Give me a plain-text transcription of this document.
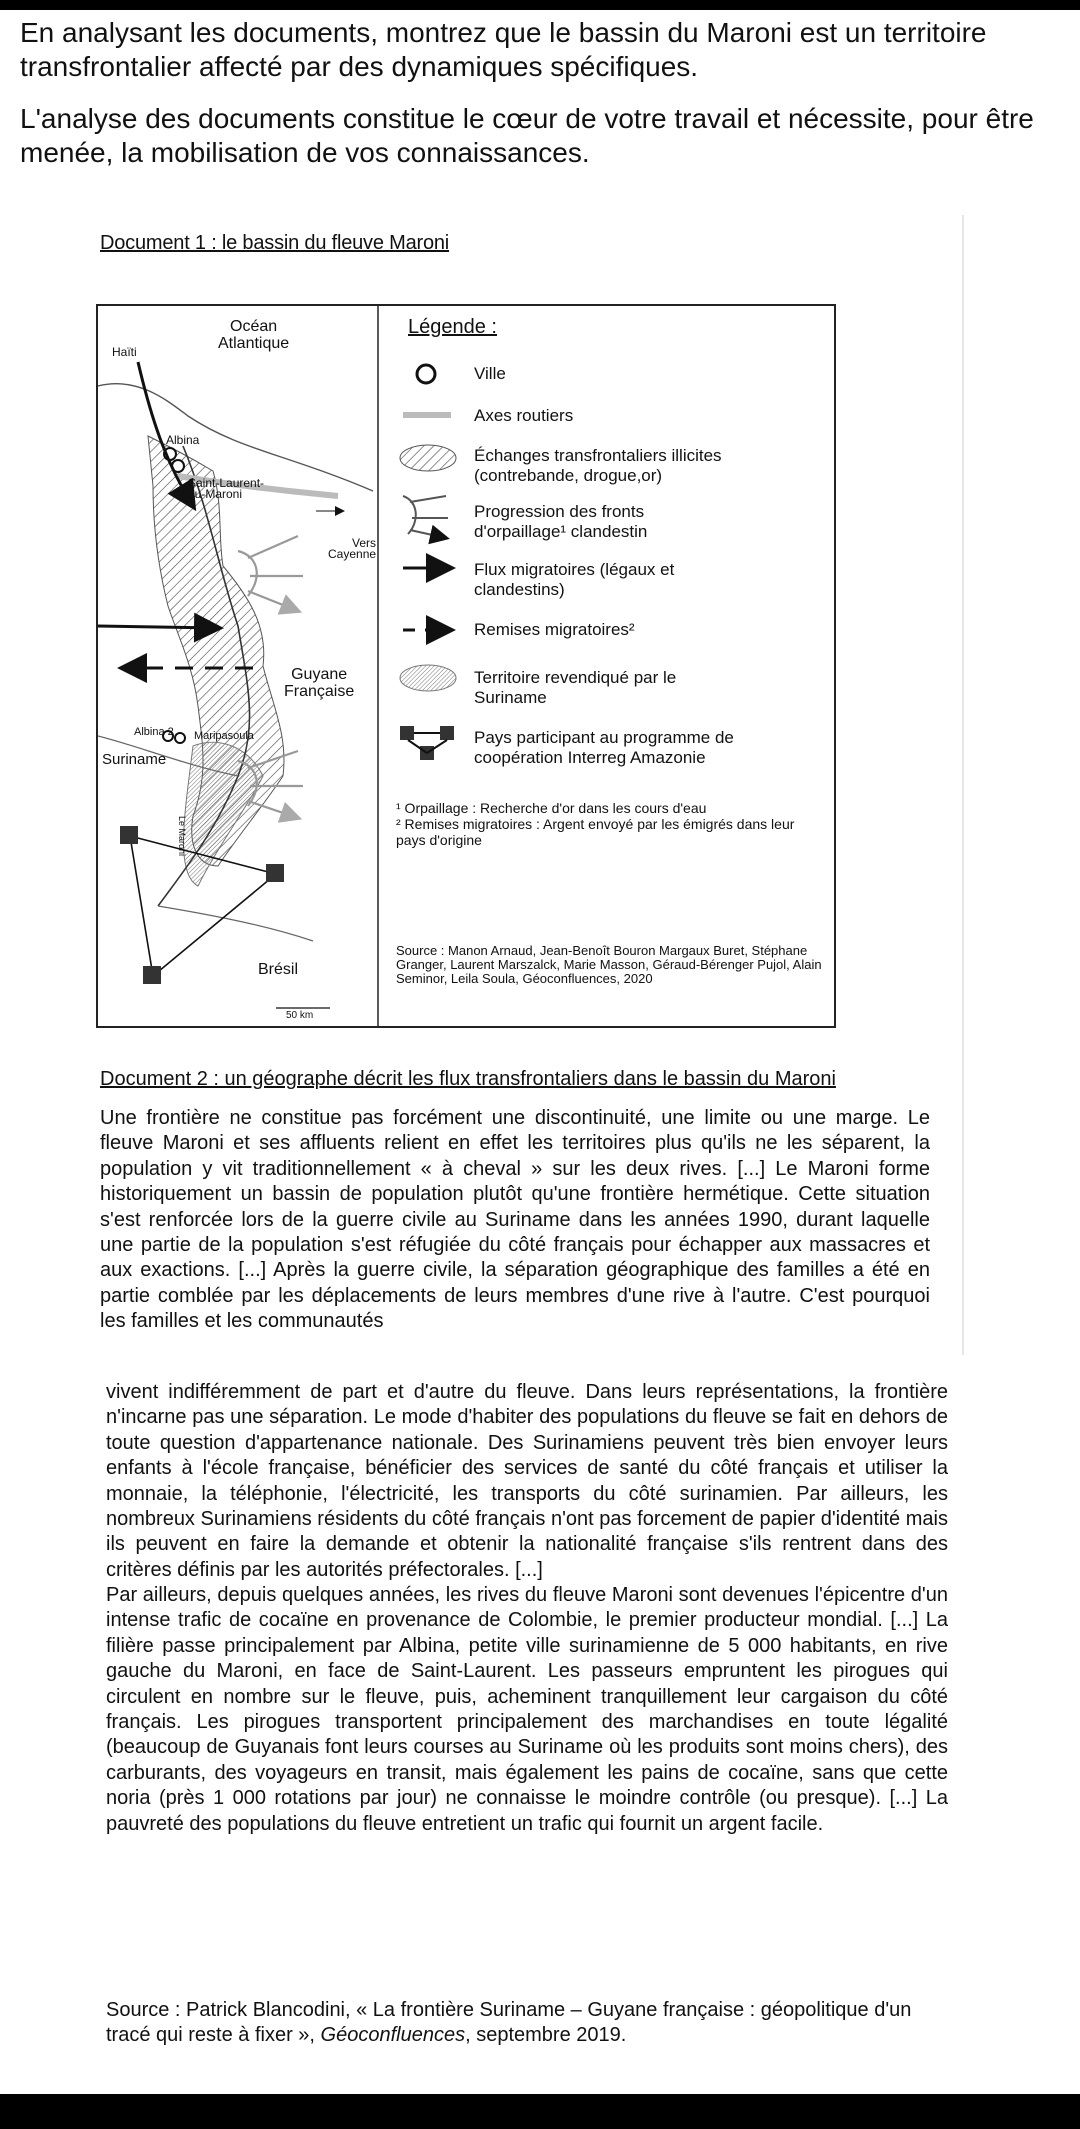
En analysant les documents, montrez que le bassin du Maroni est un territoire transfrontalier affecté par des dynamiques spécifiques.

L'analyse des documents constitue le cœur de votre travail et nécessite, pour être menée, la mobilisation de vos connaissances.

Document 1 : le bassin du fleuve Maroni
Océan
Atlantique
Haïti
Albina
Saint-Laurent-
du-Maroni
Vers
Cayenne
Guyane
Française
Albina 2 Maripasoula
Suriname
Le Maroni
Brésil
50 km
Légende :
Ville
Axes routiers
Échanges transfrontaliers illicites (contrebande, drogue,or)
Progression des fronts d'orpaillage¹ clandestin
Flux migratoires (légaux et clandestins)
Remises migratoires²
Territoire revendiqué par le Suriname
Pays participant au programme de coopération Interreg Amazonie
¹ Orpaillage : Recherche d'or dans les cours d'eau
² Remises migratoires : Argent envoyé par les émigrés dans leur pays d'origine
Source : Manon Arnaud, Jean-Benoît Bouron Margaux Buret, Stéphane Granger, Laurent Marszalck, Marie Masson, Géraud-Bérenger Pujol, Alain Seminor, Leila Soula, Géoconfluences, 2020
Document 2 : un géographe décrit les flux transfrontaliers dans le bassin du Maroni
Une frontière ne constitue pas forcément une discontinuité, une limite ou une marge. Le fleuve Maroni et ses affluents relient en effet les territoires plus qu'ils ne les séparent, la population y vit traditionnellement « à cheval » sur les deux rives. [...] Le Maroni forme historiquement un bassin de population plutôt qu'une frontière hermétique. Cette situation s'est renforcée lors de la guerre civile au Suriname dans les années 1990, durant laquelle une partie de la population s'est réfugiée du côté français pour échapper aux massacres et aux exactions. [...] Après la guerre civile, la séparation géographique des familles a été en partie comblée par les déplacements de leurs membres d'une rive à l'autre. C'est pourquoi les familles et les communautés
vivent indifféremment de part et d'autre du fleuve. Dans leurs représentations, la frontière n'incarne pas une séparation. Le mode d'habiter des populations du fleuve se fait en dehors de toute question d'appartenance nationale. Des Surinamiens peuvent très bien envoyer leurs enfants à l'école française, bénéficier des services de santé du côté français et utiliser la monnaie, la téléphonie, l'électricité, les transports du côté surinamien. Par ailleurs, les nombreux Surinamiens résidents du côté français n'ont pas forcement de papier d'identité mais ils peuvent en faire la demande et obtenir la nationalité française s'ils rentrent dans des critères définis par les autorités préfectorales. [...]
Par ailleurs, depuis quelques années, les rives du fleuve Maroni sont devenues l'épicentre d'un intense trafic de cocaïne en provenance de Colombie, le premier producteur mondial. [...] La filière passe principalement par Albina, petite ville surinamienne de 5 000 habitants, en rive gauche du Maroni, en face de Saint-Laurent. Les passeurs empruntent les pirogues qui circulent en nombre sur le fleuve, puis, acheminent tranquillement leur cargaison du côté français. Les pirogues transportent principalement des marchandises en toute légalité (beaucoup de Guyanais font leurs courses au Suriname où les produits sont moins chers), des carburants, des voyageurs en transit, mais également les pains de cocaïne, sans que cette noria (près 1 000 rotations par jour) ne connaisse le moindre contrôle (ou presque). [...] La pauvreté des populations du fleuve entretient un trafic qui fournit un argent facile.
Source : Patrick Blancodini, « La frontière Suriname – Guyane française : géopolitique d'un tracé qui reste à fixer », Géoconfluences, septembre 2019.
